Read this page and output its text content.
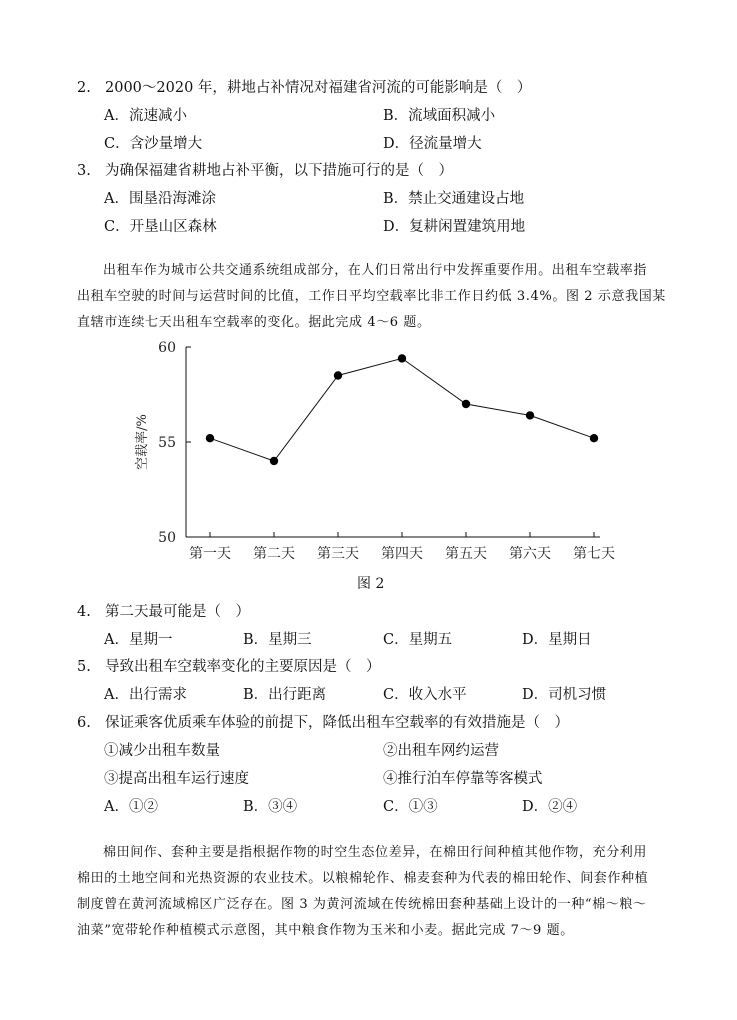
2. 2000～2020 年，耕地占补情况对福建省河流的可能影响是（　）
A．流速减小	B．流域面积减小
C．含沙量增大	D．径流量增大
3. 为确保福建省耕地占补平衡，以下措施可行的是（　）
A．围垦沿海滩涂	B．禁止交通建设占地
C．开垦山区森林	D．复耕闲置建筑用地
出租车作为城市公共交通系统组成部分，在人们日常出行中发挥重要作用。出租车空载率指
出租车空驶的时间与运营时间的比值，工作日平均空载率比非工作日约低 3.4%。图 2 示意我国某
直辖市连续七天出租车空载率的变化。据此完成 4～6 题。
50
55
60
第一天 第二天 第三天 第四天 第五天 第六天 第七天
空载率/%
图 2
4. 第二天最可能是（　）
A．星期一	B．星期三	C．星期五	D．星期日
5. 导致出租车空载率变化的主要原因是（　）
A．出行需求	B．出行距离	C．收入水平	D．司机习惯
6. 保证乘客优质乘车体验的前提下，降低出租车空载率的有效措施是（　）
①减少出租车数量	②出租车网约运营
③提高出租车运行速度	④推行泊车停靠等客模式
A．①②	B．③④	C．①③	D．②④
棉田间作、套种主要是指根据作物的时空生态位差异，在棉田行间种植其他作物，充分利用
棉田的土地空间和光热资源的农业技术。以粮棉轮作、棉麦套种为代表的棉田轮作、间套作种植
制度曾在黄河流域棉区广泛存在。图 3 为黄河流域在传统棉田套种基础上设计的一种“棉～粮～
油菜”宽带轮作种植模式示意图，其中粮食作物为玉米和小麦。据此完成 7～9 题。
